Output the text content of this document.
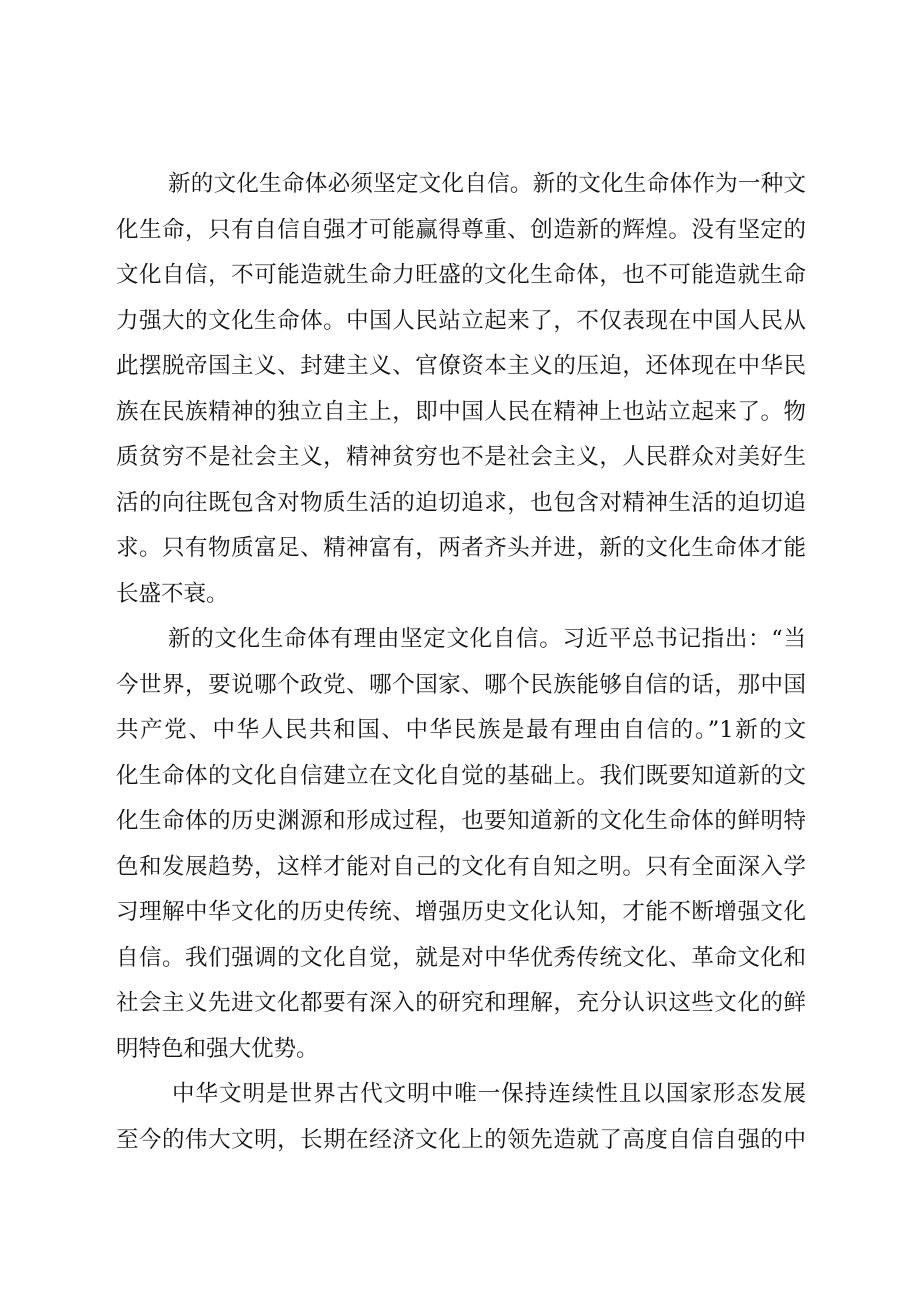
新的文化生命体必须坚定文化自信。新的文化生命体作为一种文
化生命，只有自信自强才可能赢得尊重、创造新的辉煌。没有坚定的
文化自信，不可能造就生命力旺盛的文化生命体，也不可能造就生命
力强大的文化生命体。中国人民站立起来了，不仅表现在中国人民从
此摆脱帝国主义、封建主义、官僚资本主义的压迫，还体现在中华民
族在民族精神的独立自主上，即中国人民在精神上也站立起来了。物
质贫穷不是社会主义，精神贫穷也不是社会主义，人民群众对美好生
活的向往既包含对物质生活的迫切追求，也包含对精神生活的迫切追
求。只有物质富足、精神富有，两者齐头并进，新的文化生命体才能
长盛不衰。
新的文化生命体有理由坚定文化自信。习近平总书记指出：“当
今世界，要说哪个政党、哪个国家、哪个民族能够自信的话，那中国
共产党、中华人民共和国、中华民族是最有理由自信的。”1新的文
化生命体的文化自信建立在文化自觉的基础上。我们既要知道新的文
化生命体的历史渊源和形成过程，也要知道新的文化生命体的鲜明特
色和发展趋势，这样才能对自己的文化有自知之明。只有全面深入学
习理解中华文化的历史传统、增强历史文化认知，才能不断增强文化
自信。我们强调的文化自觉，就是对中华优秀传统文化、革命文化和
社会主义先进文化都要有深入的研究和理解，充分认识这些文化的鲜
明特色和强大优势。
中华文明是世界古代文明中唯一保持连续性且以国家形态发展
至今的伟大文明，长期在经济文化上的领先造就了高度自信自强的中
